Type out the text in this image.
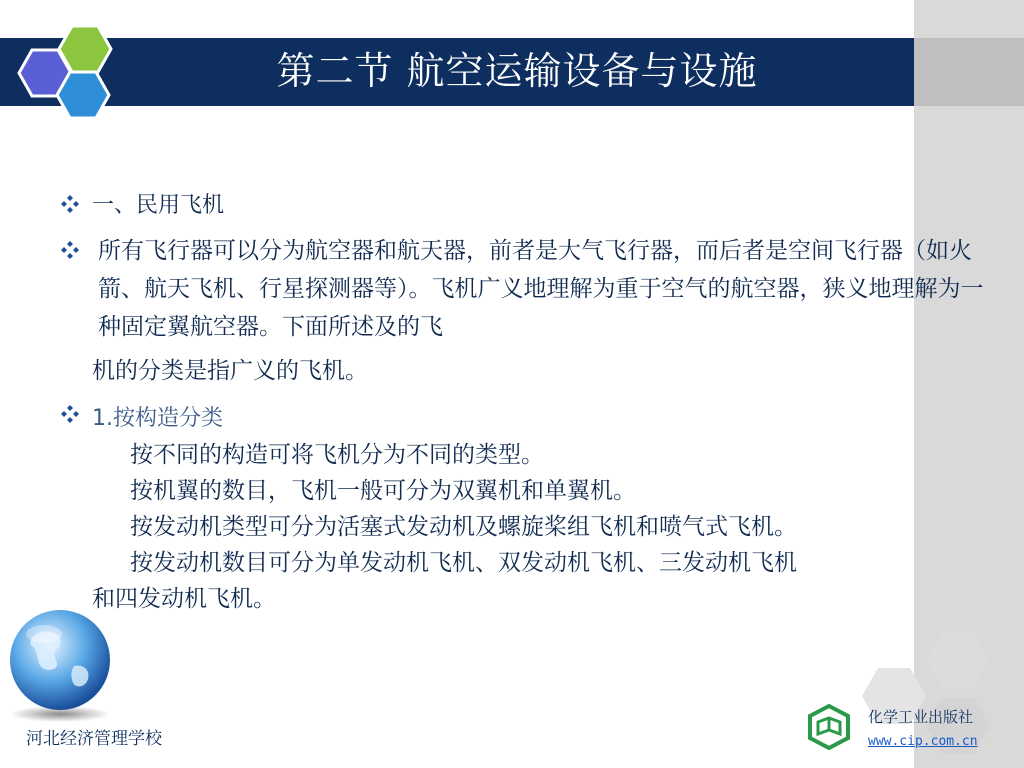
第二节 航空运输设备与设施
一、民用飞机
所有飞行器可以分为航空器和航天器，前者是大气飞行器，而后者是空间飞行器（如火箭、航天飞机、行星探测器等）。飞机广义地理解为重于空气的航空器，狭义地理解为一种固定翼航空器。下面所述及的飞
机的分类是指广义的飞机。
1.按构造分类
按不同的构造可将飞机分为不同的类型。
按机翼的数目，飞机一般可分为双翼机和单翼机。
按发动机类型可分为活塞式发动机及螺旋桨组飞机和喷气式飞机。
按发动机数目可分为单发动机飞机、双发动机飞机、三发动机飞机
和四发动机飞机。
河北经济管理学校
化学工业出版社
www.cip.com.cn
